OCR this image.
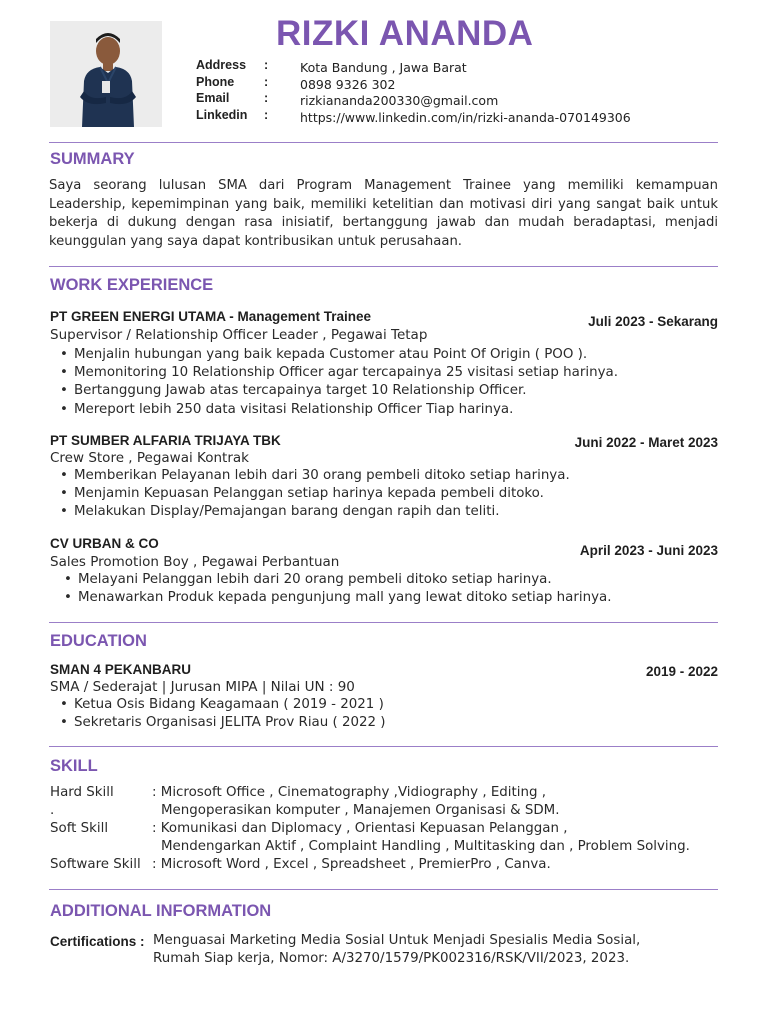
RIZKI ANANDA
Address :	Kota Bandung , Jawa Barat
Phone :	0898 9326 302
Email	:	rizkiananda200330@gmail.com
Linkedin :	https://www.linkedin.com/in/rizki-ananda-070149306
SUMMARY
Saya seorang lulusan SMA dari Program Management Trainee yang memiliki kemampuan Leadership, kepemimpinan yang baik, memiliki ketelitian dan motivasi diri yang sangat baik untuk bekerja di dukung dengan rasa inisiatif, bertanggung jawab dan mudah beradaptasi, menjadi keunggulan yang saya dapat kontribusikan untuk perusahaan.
WORK EXPERIENCE
PT GREEN ENERGI UTAMA - Management Trainee	Juli 2023 - Sekarang
Supervisor / Relationship Officer Leader , Pegawai Tetap
• Menjalin hubungan yang baik kepada Customer atau Point Of Origin ( POO ).
• Memonitoring 10 Relationship Officer agar tercapainya 25 visitasi setiap harinya.
• Bertanggung Jawab atas tercapainya target 10 Relationship Officer.
• Mereport lebih 250 data visitasi Relationship Officer Tiap harinya.
PT SUMBER ALFARIA TRIJAYA TBK	Juni 2022 - Maret 2023
Crew Store , Pegawai Kontrak
• Memberikan Pelayanan lebih dari 30 orang pembeli ditoko setiap harinya.
• Menjamin Kepuasan Pelanggan setiap harinya kepada pembeli ditoko.
• Melakukan Display/Pemajangan barang dengan rapih dan teliti.
CV URBAN & CO	April 2023 - Juni 2023
Sales Promotion Boy , Pegawai Perbantuan
• Melayani Pelanggan lebih dari 20 orang pembeli ditoko setiap harinya.
• Menawarkan Produk kepada pengunjung mall yang lewat ditoko setiap harinya.
EDUCATION
SMAN 4 PEKANBARU	2019 - 2022
SMA / Sederajat | Jurusan MIPA | Nilai UN : 90
• Ketua Osis Bidang Keagamaan ( 2019 - 2021 )
• Sekretaris Organisasi JELITA Prov Riau ( 2022 )
SKILL
Hard Skill	: Microsoft Office , Cinematography ,Vidiography , Editing ,
.	Mengoperasikan komputer , Manajemen Organisasi & SDM.
Soft Skill	: Komunikasi dan Diplomacy , Orientasi Kepuasan Pelanggan ,
Mendengarkan Aktif , Complaint Handling , Multitasking dan , Problem Solving.
Software Skill : Microsoft Word , Excel , Spreadsheet , PremierPro , Canva.
ADDITIONAL INFORMATION
Certifications : Menguasai Marketing Media Sosial Untuk Menjadi Spesialis Media Sosial,
Rumah Siap kerja, Nomor: A/3270/1579/PK002316/RSK/VII/2023, 2023.
